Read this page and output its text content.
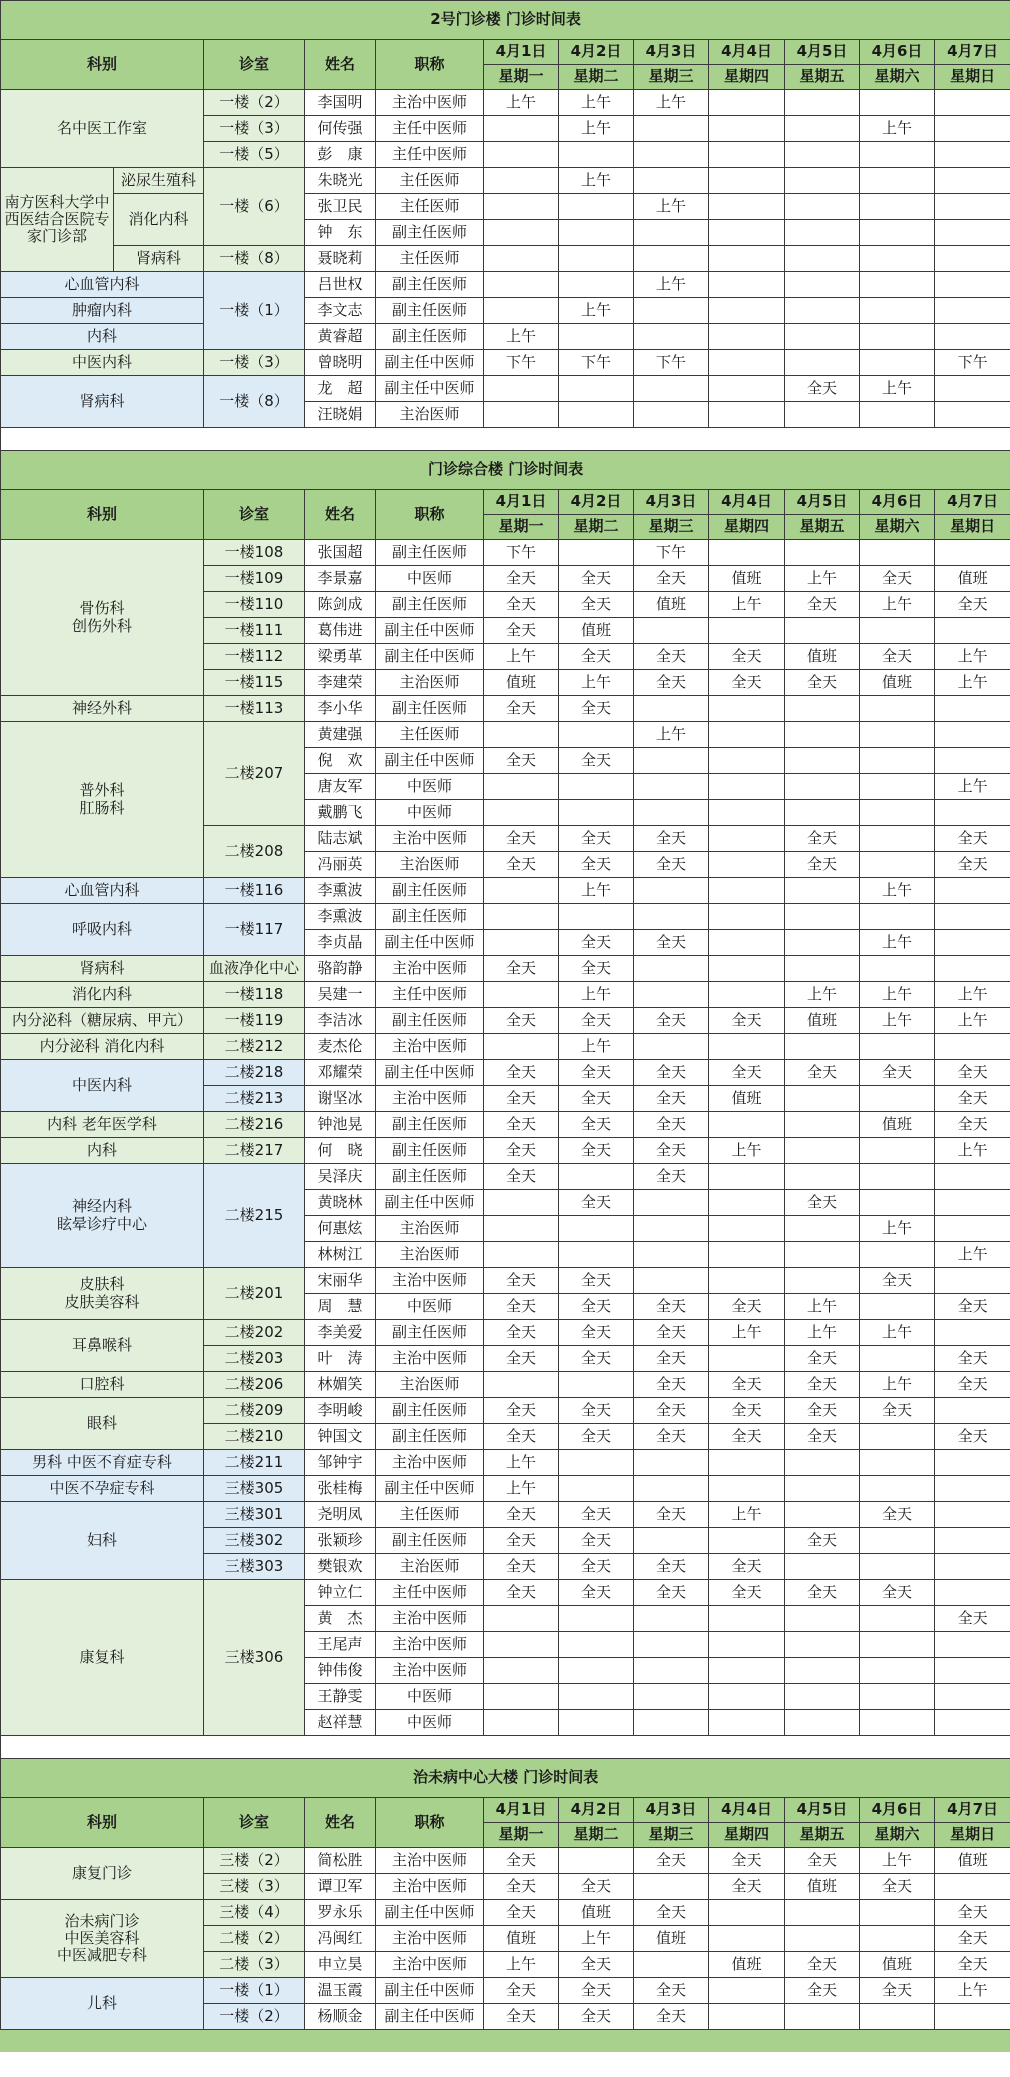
2号门诊楼 门诊时间表											
科别		诊室	姓名	职称	4月1日	4月2日	4月3日	4月4日	4月5日	4月6日	4月7日
					星期一	星期二	星期三	星期四	星期五	星期六	星期日
名中医工作室		一楼（2）	李国明	主治中医师	上午	上午	上午				
		一楼（3）	何传强	主任中医师		上午				上午	
		一楼（5）	彭　康	主任中医师							
南方医科大学中西医结合医院专家门诊部	泌尿生殖科	一楼（6）	朱晓光	主任医师		上午					
	消化内科		张卫民	主任医师			上午				
			钟　东	副主任医师							
	肾病科	一楼（8）	聂晓莉	主任医师							
心血管内科		一楼（1）	吕世权	副主任医师			上午				
肿瘤内科			李文志	副主任医师		上午					
内科			黄睿超	副主任医师	上午						
中医内科		一楼（3）	曾晓明	副主任中医师	下午	下午	下午				下午
肾病科		一楼（8）	龙　超	副主任中医师					全天	上午	
			汪晓娟	主治医师							

门诊综合楼 门诊时间表											
科别		诊室	姓名	职称	4月1日	4月2日	4月3日	4月4日	4月5日	4月6日	4月7日
					星期一	星期二	星期三	星期四	星期五	星期六	星期日
骨伤科
创伤外科		一楼108	张国超	副主任医师	下午		下午				
		一楼109	李景嘉	中医师	全天	全天	全天	值班	上午	全天	值班
		一楼110	陈剑成	副主任医师	全天	全天	值班	上午	全天	上午	全天
		一楼111	葛伟进	副主任中医师	全天	值班					
		一楼112	梁勇革	副主任中医师	上午	全天	全天	全天	值班	全天	上午
		一楼115	李建荣	主治医师	值班	上午	全天	全天	全天	值班	上午
神经外科		一楼113	李小华	副主任医师	全天	全天					
普外科
肛肠科		二楼207	黄建强	主任医师			上午				
			倪　欢	副主任中医师	全天	全天					
			唐友军	中医师							上午
			戴鹏飞	中医师							
		二楼208	陆志斌	主治中医师	全天	全天	全天		全天		全天
			冯丽英	主治医师	全天	全天	全天		全天		全天
心血管内科		一楼116	李熏波	副主任医师		上午				上午	
呼吸内科		一楼117	李熏波	副主任医师							
			李贞晶	副主任中医师		全天	全天			上午	
肾病科		血液净化中心	骆韵静	主治中医师	全天	全天					
消化内科		一楼118	吴建一	主任中医师		上午			上午	上午	上午
内分泌科（糖尿病、甲亢）		一楼119	李洁冰	副主任医师	全天	全天	全天	全天	值班	上午	上午
内分泌科 消化内科		二楼212	麦杰伦	主治中医师		上午					
中医内科		二楼218	邓耀荣	副主任中医师	全天	全天	全天	全天	全天	全天	全天
		二楼213	谢坚冰	主治中医师	全天	全天	全天	值班			全天
内科 老年医学科		二楼216	钟池晃	副主任医师	全天	全天	全天			值班	全天
内科		二楼217	何　晓	副主任医师	全天	全天	全天	上午			上午
神经内科
眩晕诊疗中心		二楼215	吴泽庆	副主任医师	全天		全天				
			黄晓林	副主任中医师		全天			全天		
			何惠炫	主治医师						上午	
			林树江	主治医师							上午
皮肤科
皮肤美容科		二楼201	宋丽华	主治中医师	全天	全天				全天	
			周　慧	中医师	全天	全天	全天	全天	上午		全天
耳鼻喉科		二楼202	李美爱	副主任医师	全天	全天	全天	上午	上午	上午	
		二楼203	叶　涛	主治中医师	全天	全天	全天		全天		全天
口腔科		二楼206	林媚笑	主治医师			全天	全天	全天	上午	全天
眼科		二楼209	李明峻	副主任医师	全天	全天	全天	全天	全天	全天	
		二楼210	钟国文	副主任医师	全天	全天	全天	全天	全天		全天
男科 中医不育症专科		二楼211	邹钟宇	主治中医师	上午						
中医不孕症专科		三楼305	张桂梅	副主任中医师	上午						
妇科		三楼301	尧明凤	主任医师	全天	全天	全天	上午		全天	
		三楼302	张颖珍	副主任医师	全天	全天			全天		
		三楼303	樊银欢	主治医师	全天	全天	全天	全天			
康复科		三楼306	钟立仁	主任中医师	全天	全天	全天	全天	全天	全天	
			黄　杰	主治中医师							全天
			王尾声	主治中医师							
			钟伟俊	主治中医师							
			王静雯	中医师							
			赵祥慧	中医师							

治未病中心大楼 门诊时间表											
科别		诊室	姓名	职称	4月1日	4月2日	4月3日	4月4日	4月5日	4月6日	4月7日
					星期一	星期二	星期三	星期四	星期五	星期六	星期日
康复门诊		三楼（2）	简松胜	主治中医师	全天		全天	全天	全天	上午	值班
		三楼（3）	谭卫军	主治中医师	全天	全天		全天	值班	全天	
治未病门诊
中医美容科
中医减肥专科		三楼（4）	罗永乐	副主任中医师	全天	值班	全天				全天
		二楼（2）	冯闽红	主治中医师	值班	上午	值班				全天
		二楼（3）	申立昊	主治中医师	上午	全天		值班	全天	值班	全天
儿科		一楼（1）	温玉霞	副主任中医师	全天	全天	全天		全天	全天	上午
		一楼（2）	杨顺金	副主任中医师	全天	全天	全天				
